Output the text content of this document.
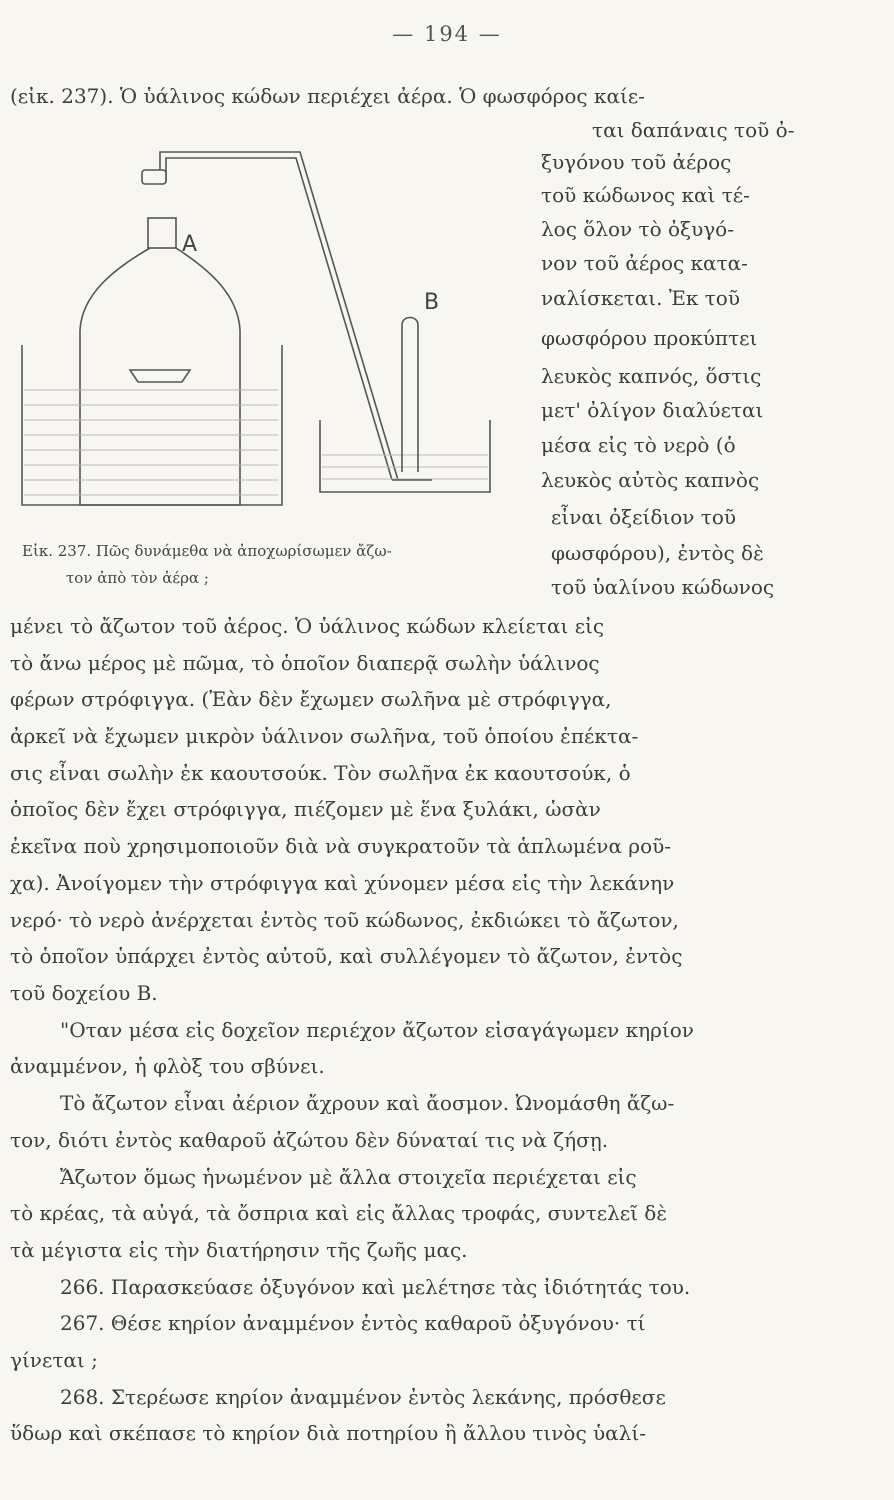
— 194 —
(εἰκ. 237). Ὁ ὑάλινος κώδων περιέχει ἀέρα. Ὁ φωσφόρος καίε-
ται δαπάναις τοῦ ὀ-
ξυγόνου τοῦ ἀέρος
τοῦ κώδωνος καὶ τέ-
λος ὅλον τὸ ὀξυγό-
νον τοῦ ἀέρος κατα-
ναλίσκεται. Ἐκ τοῦ
φωσφόρου προκύπτει
λευκὸς καπνός, ὅστις
μετ' ὀλίγον διαλύεται
μέσα εἰς τὸ νερὸ (ὁ
λευκὸς αὐτὸς καπνὸς
εἶναι ὀξείδιον τοῦ
φωσφόρου), ἐντὸς δὲ
τοῦ ὑαλίνου κώδωνος
A
B
Εἰκ. 237. Πῶς δυνάμεθα νὰ ἀποχωρίσωμεν ἄζω-
τον ἀπὸ τὸν ἀέρα ;
μένει τὸ ἄζωτον τοῦ ἀέρος. Ὁ ὑάλινος κώδων κλείεται εἰς
τὸ ἄνω μέρος μὲ πῶμα, τὸ ὁποῖον διαπερᾷ σωλὴν ὑάλινος
φέρων στρόφιγγα. (Ἐὰν δὲν ἔχωμεν σωλῆνα μὲ στρόφιγγα,
ἀρκεῖ νὰ ἔχωμεν μικρὸν ὑάλινον σωλῆνα, τοῦ ὁποίου ἐπέκτα-
σις εἶναι σωλὴν ἐκ καουτσούκ. Τὸν σωλῆνα ἐκ καουτσούκ, ὁ
ὁποῖος δὲν ἔχει στρόφιγγα, πιέζομεν μὲ ἕνα ξυλάκι, ὡσὰν
ἐκεῖνα ποὺ χρησιμοποιοῦν διὰ νὰ συγκρατοῦν τὰ ἁπλωμένα ροῦ-
χα). Ἀνοίγομεν τὴν στρόφιγγα καὶ χύνομεν μέσα εἰς τὴν λεκάνην
νερό· τὸ νερὸ ἀνέρχεται ἐντὸς τοῦ κώδωνος, ἐκδιώκει τὸ ἄζωτον,
τὸ ὁποῖον ὑπάρχει ἐντὸς αὐτοῦ, καὶ συλλέγομεν τὸ ἄζωτον, ἐντὸς
τοῦ δοχείου Β.
"Οταν μέσα εἰς δοχεῖον περιέχον ἄζωτον εἰσαγάγωμεν κηρίον
ἀναμμένον, ἡ φλὸξ του σβύνει.
Τὸ ἄζωτον εἶναι ἀέριον ἄχρουν καὶ ἄοσμον. Ὠνομάσθη ἄζω-
τον, διότι ἐντὸς καθαροῦ ἀζώτου δὲν δύναταί τις νὰ ζήσῃ.
Ἄζωτον ὅμως ἡνωμένον μὲ ἄλλα στοιχεῖα περιέχεται εἰς
τὸ κρέας, τὰ αὐγά, τὰ ὄσπρια καὶ εἰς ἄλλας τροφάς, συντελεῖ δὲ
τὰ μέγιστα εἰς τὴν διατήρησιν τῆς ζωῆς μας.
266. Παρασκεύασε ὀξυγόνον καὶ μελέτησε τὰς ἰδιότητάς του.
267. Θέσε κηρίον ἀναμμένον ἐντὸς καθαροῦ ὀξυγόνου· τί
γίνεται ;
268. Στερέωσε κηρίον ἀναμμένον ἐντὸς λεκάνης, πρόσθεσε
ὕδωρ καὶ σκέπασε τὸ κηρίον διὰ ποτηρίου ἢ ἄλλου τινὸς ὑαλί-
